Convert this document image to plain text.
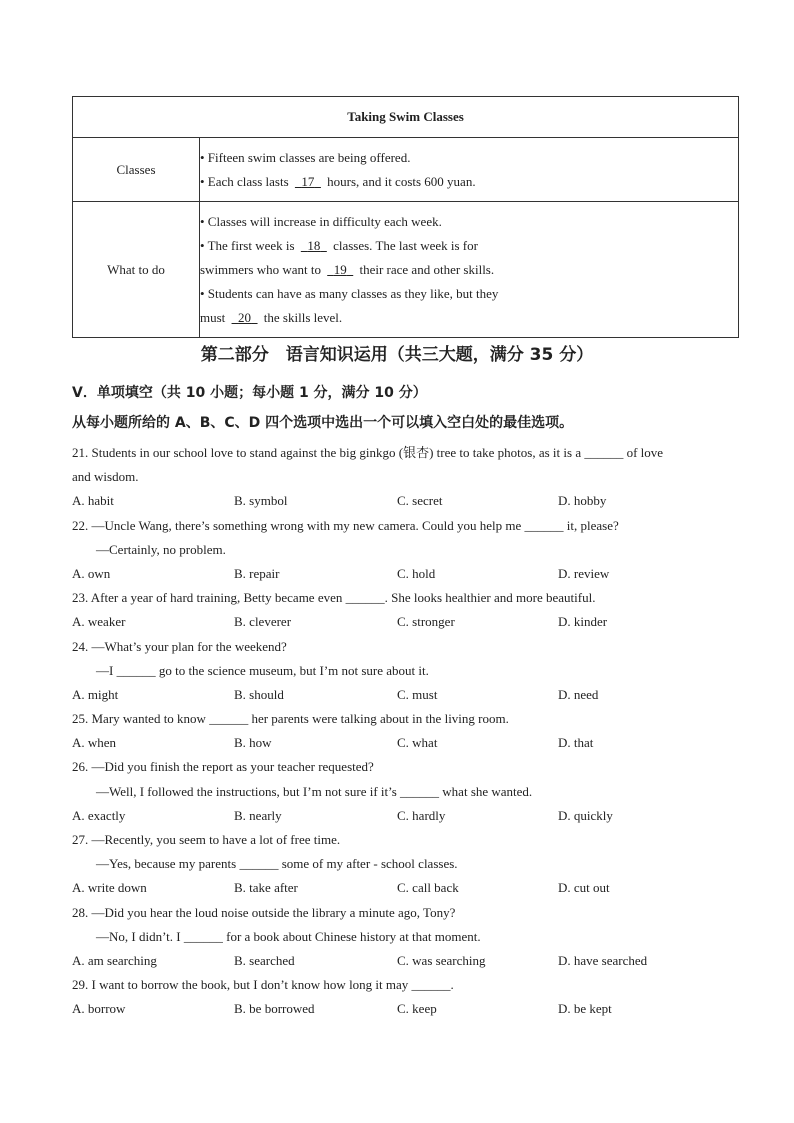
Taking Swim Classes	
Classes	• Fifteen swim classes are being offered.
• Each class lasts   17   hours, and it costs 600 yuan.

What to do	• Classes will increase in difficulty each week.
• The first week is   18   classes. The last week is for
swimmers who want to   19   their race and other skills.
• Students can have as many classes as they like, but they
must   20   the skills level.
第二部分　语言知识运用（共三大题，满分 35 分）
Ⅴ．单项填空（共 10 小题；每小题 1 分，满分 10 分）
从每小题所给的 A、B、C、D 四个选项中选出一个可以填入空白处的最佳选项。
21. Students in our school love to stand against the big ginkgo (银杏) tree to take photos, as it is a ______ of love
and wisdom.
A. habit	B. symbol	C. secret	D. hobby
22. —Uncle Wang, there’s something wrong with my new camera. Could you help me ______ it, please?
—Certainly, no problem.
A. own	B. repair	C. hold	D. review
23. After a year of hard training, Betty became even ______. She looks healthier and more beautiful.
A. weaker	B. cleverer	C. stronger	D. kinder
24. —What’s your plan for the weekend?
—I ______ go to the science museum, but I’m not sure about it.
A. might	B. should	C. must	D. need
25. Mary wanted to know ______ her parents were talking about in the living room.
A. when	B. how	C. what	D. that
26. —Did you finish the report as your teacher requested?
—Well, I followed the instructions, but I’m not sure if it’s ______ what she wanted.
A. exactly	B. nearly	C. hardly	D. quickly
27. —Recently, you seem to have a lot of free time.
—Yes, because my parents ______ some of my after - school classes.
A. write down	B. take after	C. call back	D. cut out
28. —Did you hear the loud noise outside the library a minute ago, Tony?
—No, I didn’t. I ______ for a book about Chinese history at that moment.
A. am searching	B. searched	C. was searching	D. have searched
29. I want to borrow the book, but I don’t know how long it may ______.
A. borrow	B. be borrowed	C. keep	D. be kept
